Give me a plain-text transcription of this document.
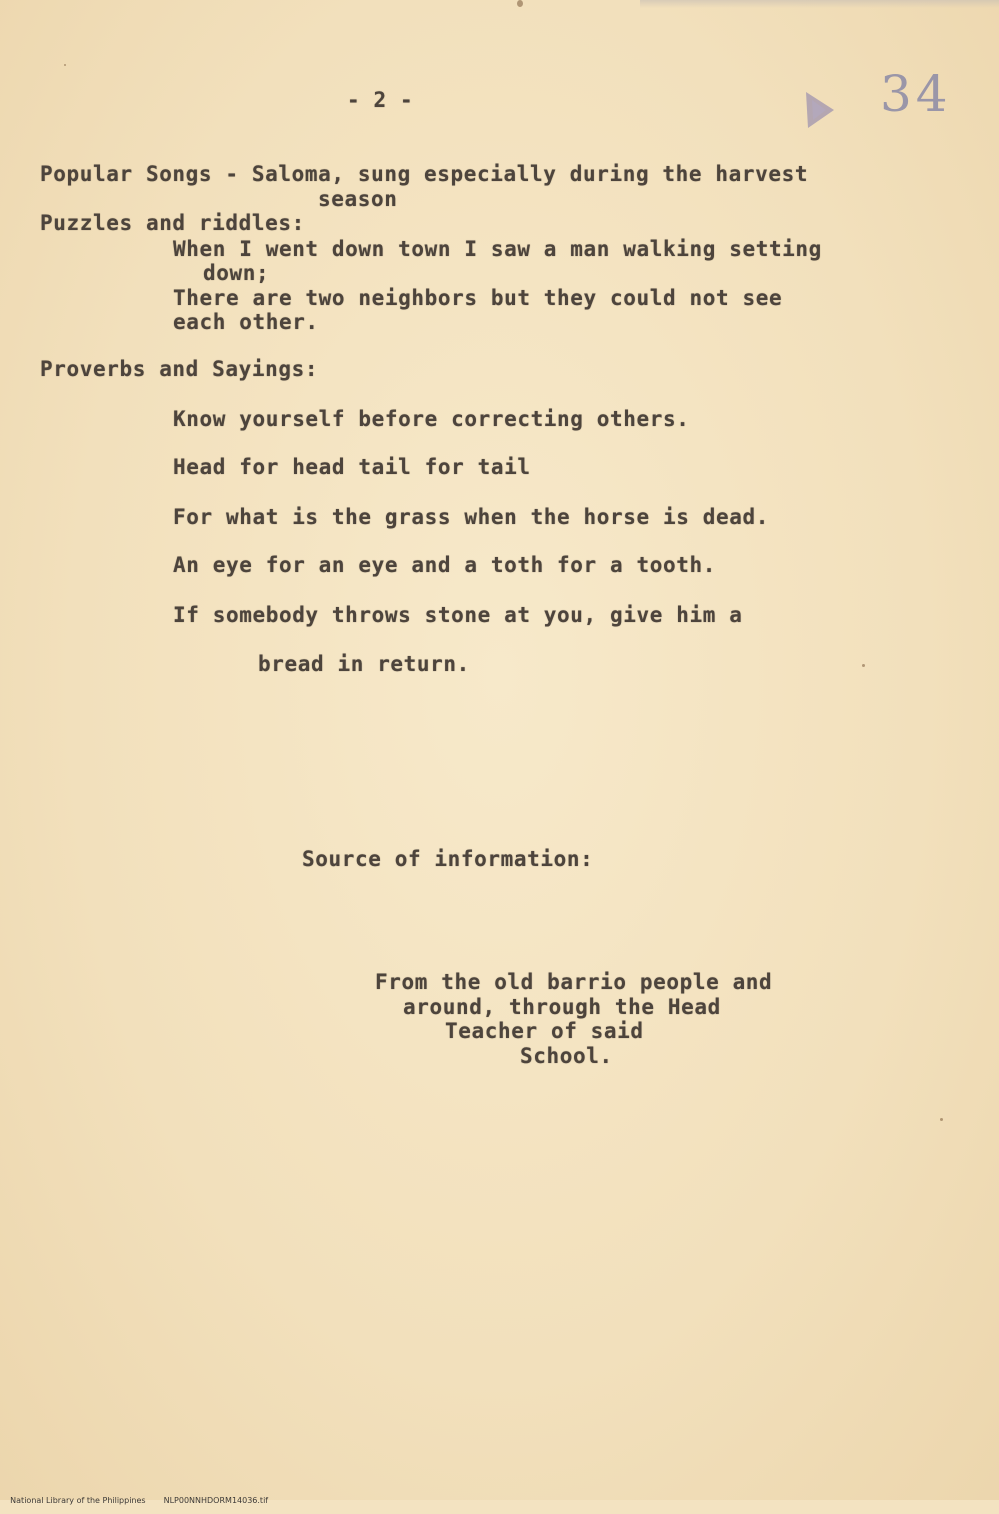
- 2 -	34

Popular Songs - Saloma, sung especially during the harvest

season

Puzzles and riddles:

When I went down town I saw a man walking setting

down;

There are two neighbors but they could not see

each other.

Proverbs and Sayings:

Know yourself before correcting others.

Head for head tail for tail

For what is the grass when the horse is dead.

An eye for an eye and a toth for a tooth.

If somebody throws stone at you, give him a

bread in return.

Source of information:

From the old barrio people and

around, through the Head

Teacher of said

School.

National Library of the Philippines NLP00NNHDORM14036.tif
